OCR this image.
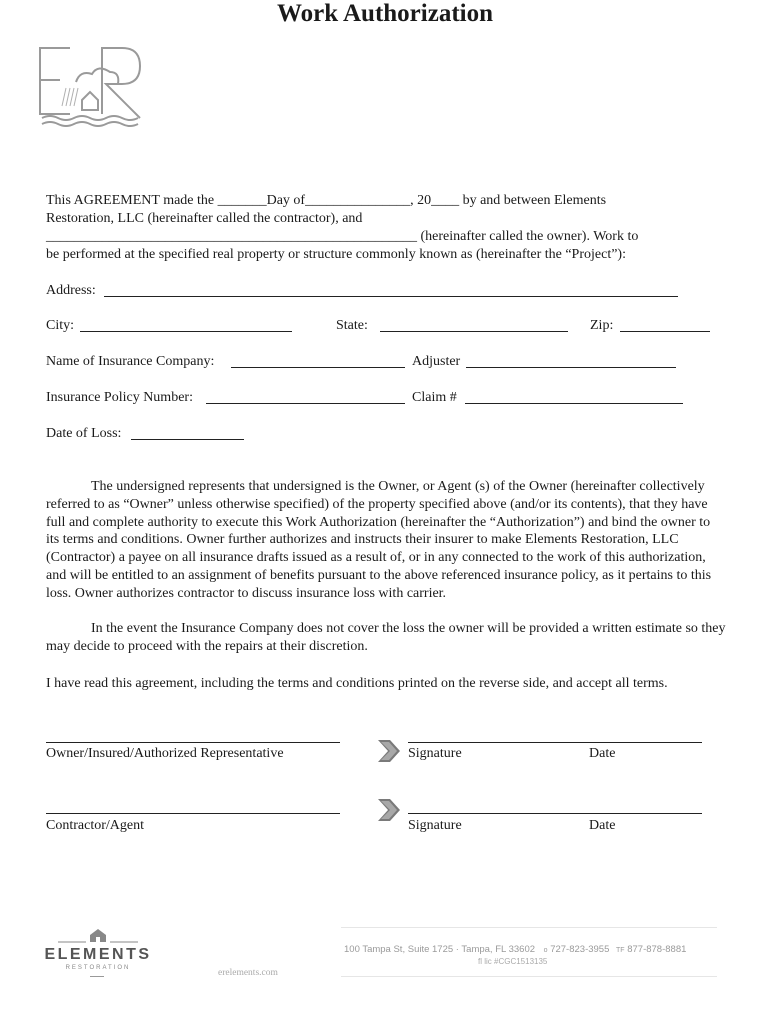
Work Authorization
This AGREEMENT made the _______Day of_______________, 20____ by and between Elements
Restoration, LLC (hereinafter called the contractor), and
_____________________________________________________ (hereinafter called the owner). Work to
be performed at the specified real property or structure commonly known as (hereinafter the “Project”):
Address:
City:	State:	Zip:
Name of Insurance Company:	Adjuster
Insurance Policy Number:	Claim #
Date of Loss:
The undersigned represents that undersigned is the Owner, or Agent (s) of the Owner (hereinafter collectively referred to as “Owner” unless otherwise specified) of the property specified above (and/or its contents), that they have full and complete authority to execute this Work Authorization (hereinafter the “Authorization”) and bind the owner to its terms and conditions. Owner further authorizes and instructs their insurer to make Elements Restoration, LLC (Contractor) a payee on all insurance drafts issued as a result of, or in any connected to the work of this authorization, and will be entitled to an assignment of benefits pursuant to the above referenced insurance policy, as it pertains to this loss. Owner authorizes contractor to discuss insurance loss with carrier.
In the event the Insurance Company does not cover the loss the owner will be provided a written estimate so they may decide to proceed with the repairs at their discretion.
I have read this agreement, including the terms and conditions printed on the reverse side, and accept all terms.
Owner/Insured/Authorized Representative	Signature	Date
Contractor/Agent	Signature	Date
ELEMENTS
RESTORATION	erelements.com
100 Tampa St, Suite 1725 · Tampa, FL 33602 o 727-823-3955 TF 877-878-8881
fl lic #CGC1513135
